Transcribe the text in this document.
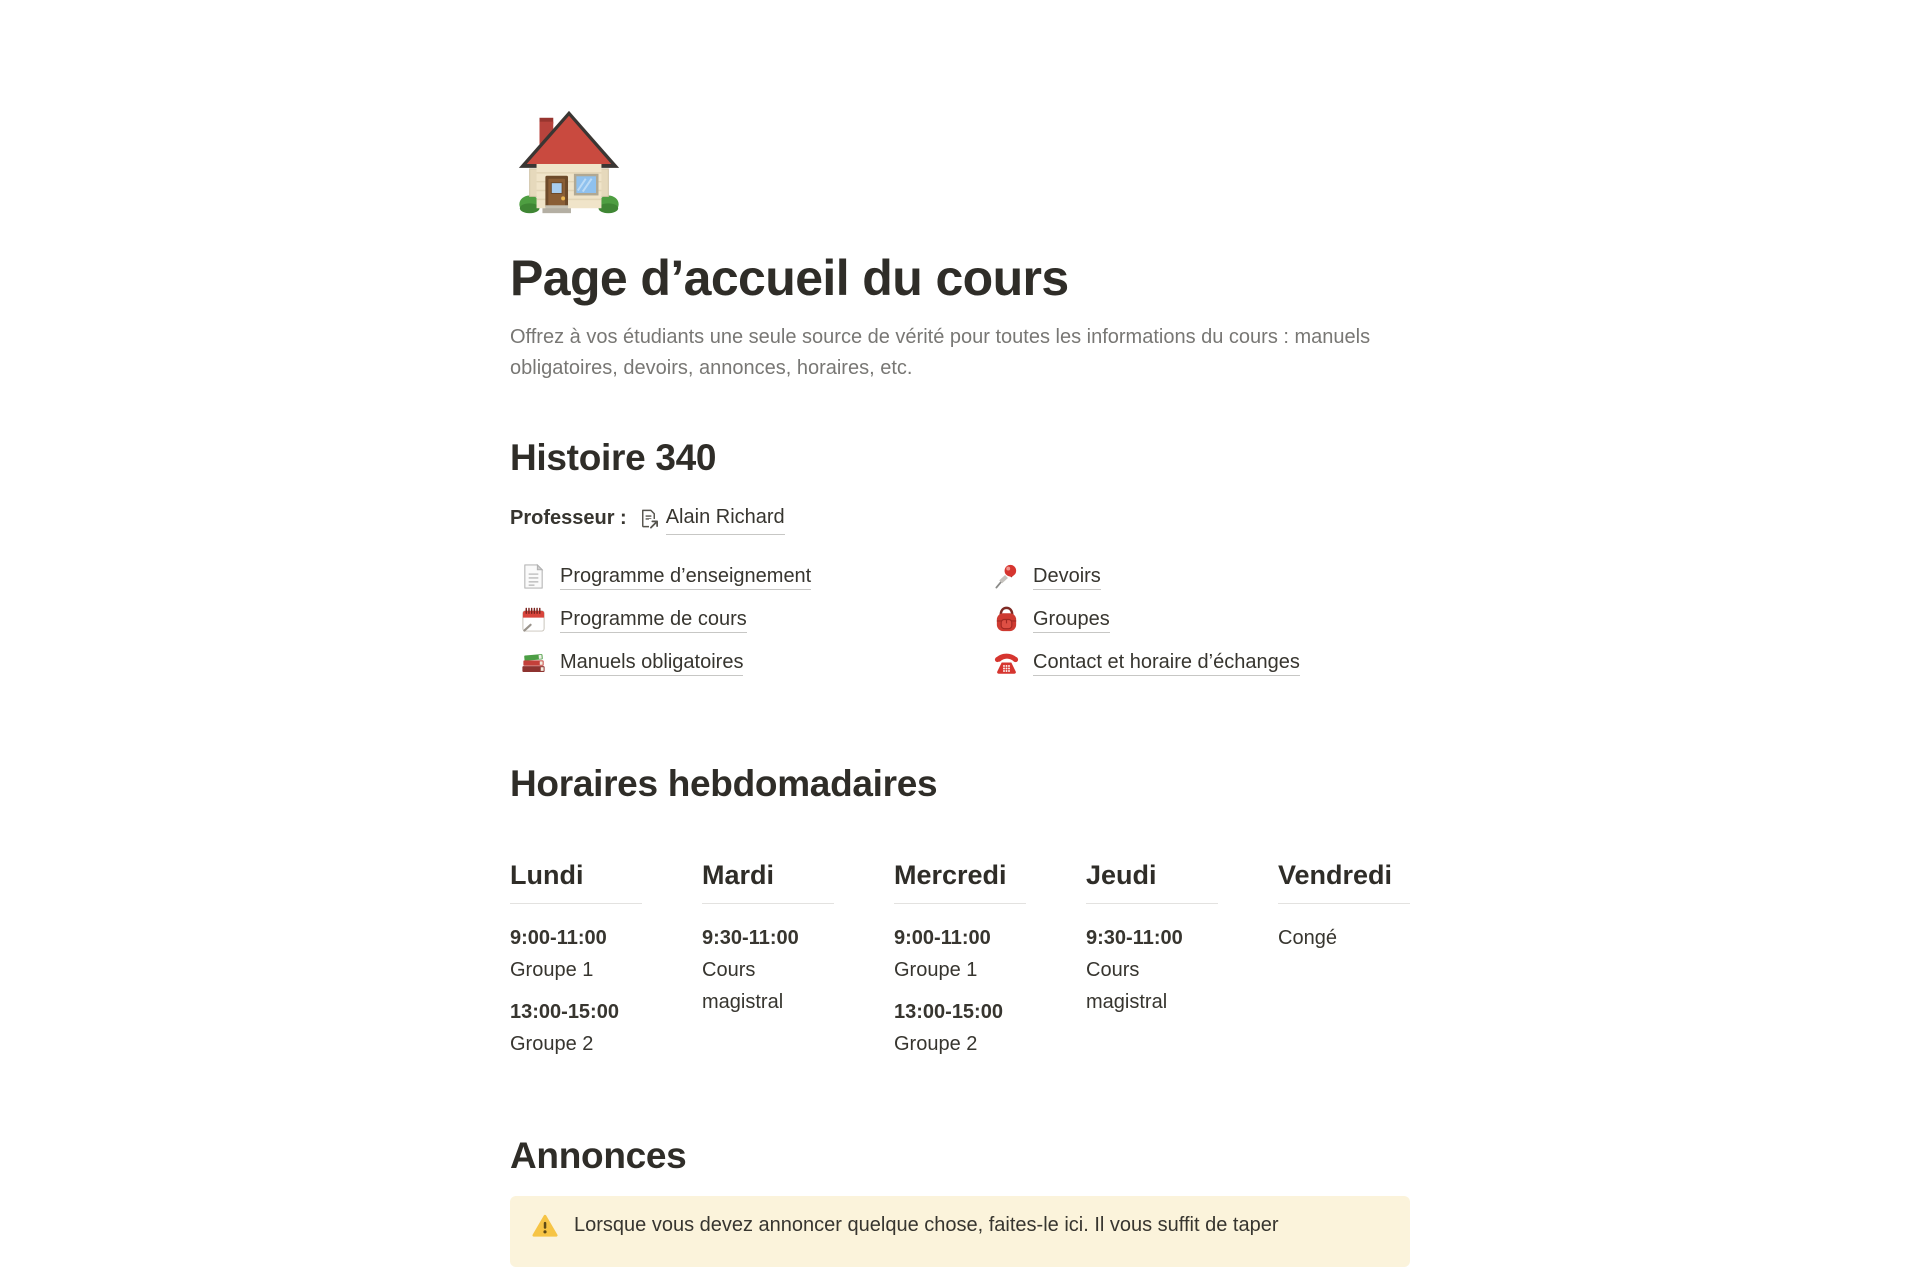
Page d’accueil du cours

Offrez à vos étudiants une seule source de vérité pour toutes les informations du cours : manuels obligatoires, devoirs, annonces, horaires, etc.

Histoire 340
Professeur : Alain Richard
Programme d’enseignement
Programme de cours
Manuels obligatoires
Devoirs
Groupes
Contact et horaire d’échanges
Horaires hebdomadaires
Lundi
9:00-11:00
Groupe 1
13:00-15:00
Groupe 2
Mardi
9:30-11:00
Cours magistral
Mercredi
9:00-11:00
Groupe 1
13:00-15:00
Groupe 2
Jeudi
9:30-11:00
Cours magistral
Vendredi
Congé
Annonces

Lorsque vous devez annoncer quelque chose, faites-le ici. Il vous suffit de taper
